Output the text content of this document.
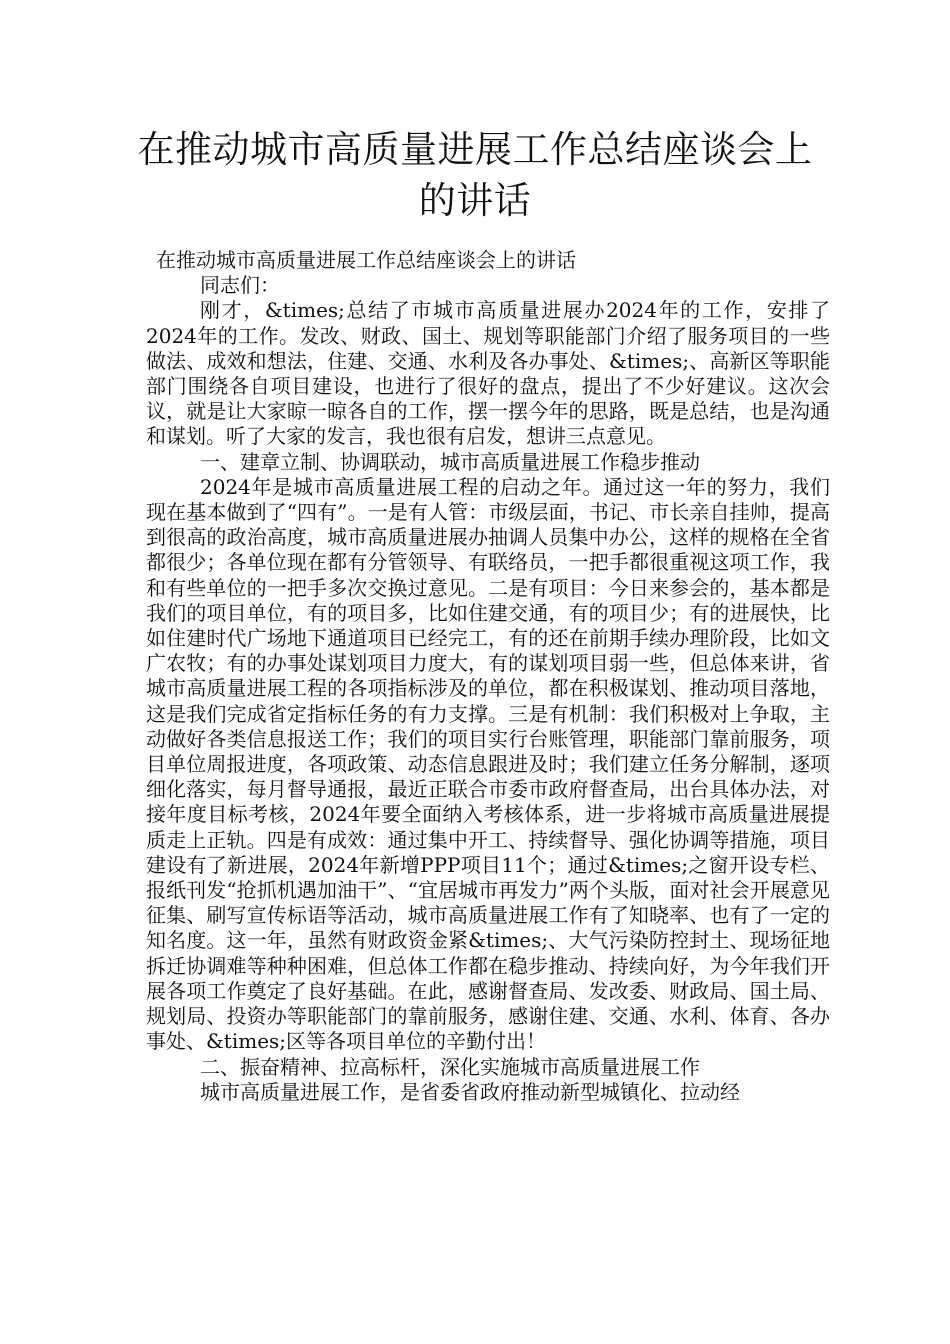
在推动城市高质量进展工作总结座谈会上的讲话

在推动城市高质量进展工作总结座谈会上的讲话

同志们：

刚才，&times;总结了市城市高质量进展办2024年的工作，安排了2024年的工作。发改、财政、国土、规划等职能部门介绍了服务项目的一些做法、成效和想法，住建、交通、水利及各办事处、&times;、高新区等职能部门围绕各自项目建设，也进行了很好的盘点，提出了不少好建议。这次会议，就是让大家晾一晾各自的工作，摆一摆今年的思路，既是总结，也是沟通和谋划。听了大家的发言，我也很有启发，想讲三点意见。

一、建章立制、协调联动，城市高质量进展工作稳步推动

2024年是城市高质量进展工程的启动之年。通过这一年的努力，我们现在基本做到了“四有”。一是有人管：市级层面，书记、市长亲自挂帅，提高到很高的政治高度，城市高质量进展办抽调人员集中办公，这样的规格在全省都很少；各单位现在都有分管领导、有联络员，一把手都很重视这项工作，我和有些单位的一把手多次交换过意见。二是有项目：今日来参会的，基本都是我们的项目单位，有的项目多，比如住建交通，有的项目少；有的进展快，比如住建时代广场地下通道项目已经完工，有的还在前期手续办理阶段，比如文广农牧；有的办事处谋划项目力度大，有的谋划项目弱一些，但总体来讲，省城市高质量进展工程的各项指标涉及的单位，都在积极谋划、推动项目落地，这是我们完成省定指标任务的有力支撑。三是有机制：我们积极对上争取，主动做好各类信息报送工作；我们的项目实行台账管理，职能部门靠前服务，项目单位周报进度，各项政策、动态信息跟进及时；我们建立任务分解制，逐项细化落实，每月督导通报，最近正联合市委市政府督查局，出台具体办法，对接年度目标考核，2024年要全面纳入考核体系，进一步将城市高质量进展提质走上正轨。四是有成效：通过集中开工、持续督导、强化协调等措施，项目建设有了新进展，2024年新增PPP项目11个；通过&times;之窗开设专栏、报纸刊发“抢抓机遇加油干”、“宜居城市再发力”两个头版，面对社会开展意见征集、刷写宣传标语等活动，城市高质量进展工作有了知晓率、也有了一定的知名度。这一年，虽然有财政资金紧&times;、大气污染防控封土、现场征地拆迁协调难等种种困难，但总体工作都在稳步推动、持续向好，为今年我们开展各项工作奠定了良好基础。在此，感谢督查局、发改委、财政局、国土局、规划局、投资办等职能部门的靠前服务，感谢住建、交通、水利、体育、各办事处、&times;区等各项目单位的辛勤付出！

二、振奋精神、拉高标杆，深化实施城市高质量进展工作

城市高质量进展工作，是省委省政府推动新型城镇化、拉动经
